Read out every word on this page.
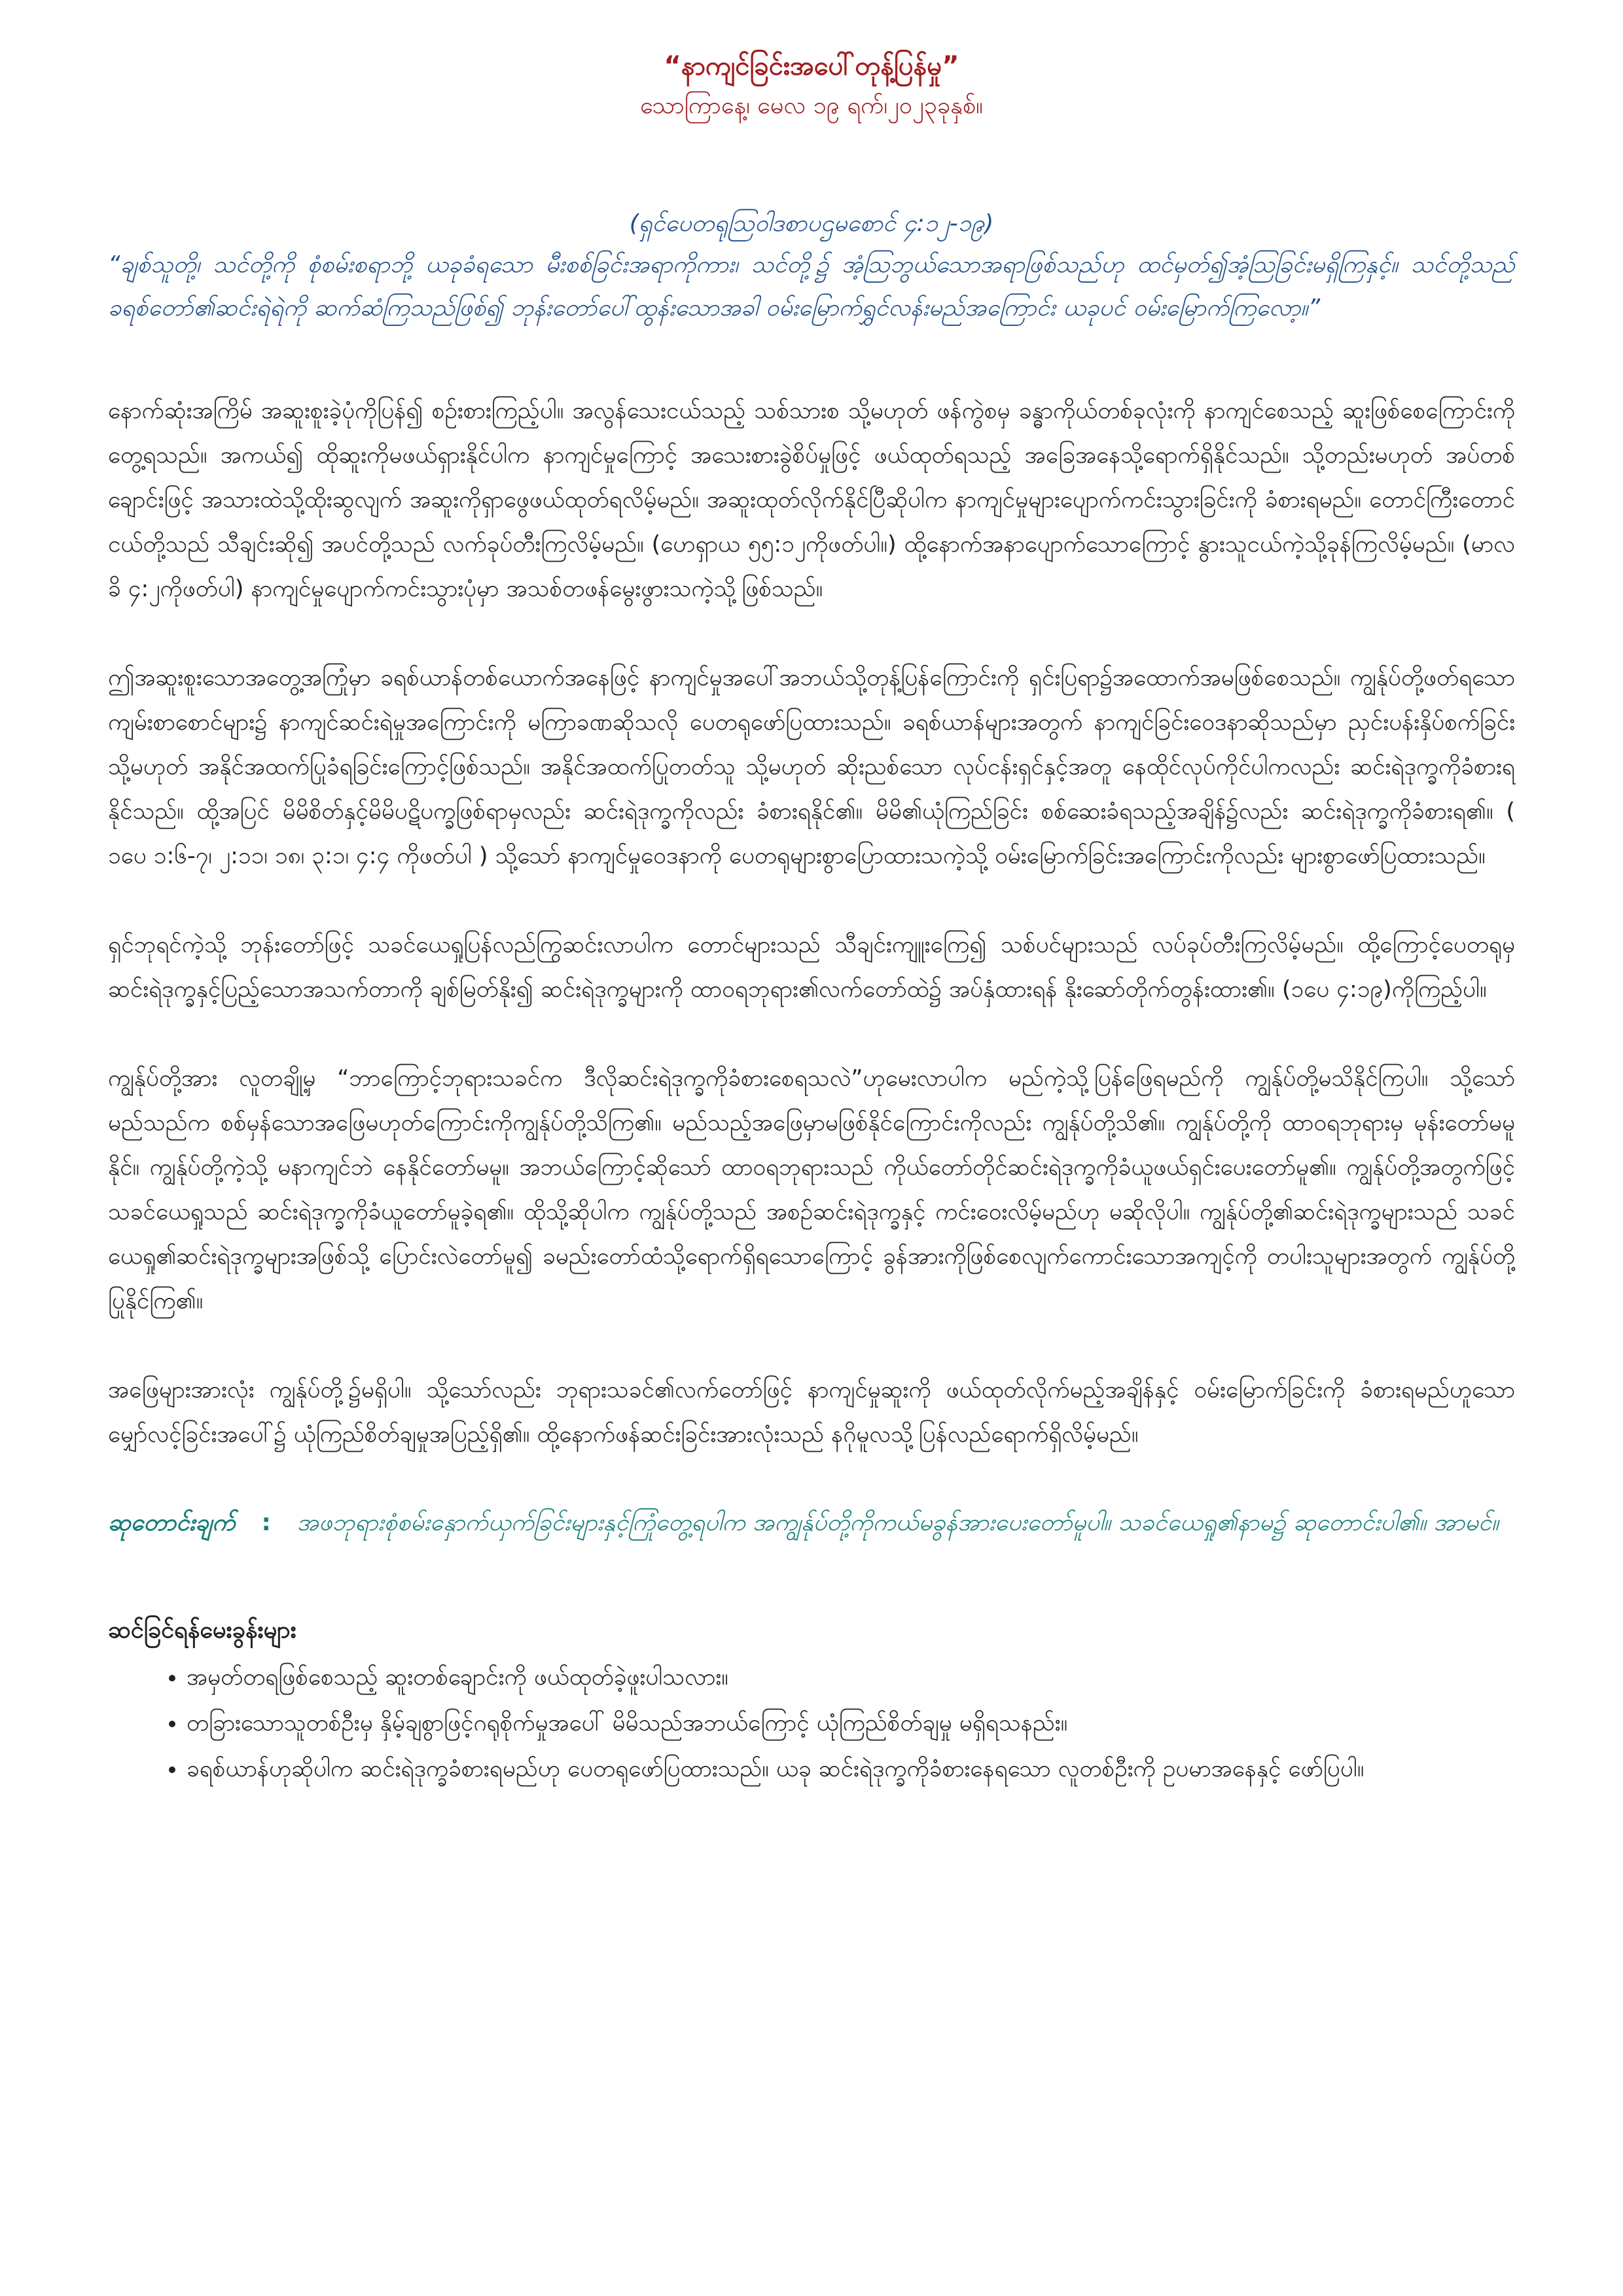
“နာကျင်ခြင်းအပေါ်တုန့်ပြန်မှု”
သောကြာနေ့၊ မေလ ၁၉ ရက်၊၂၀၂၃ခုနှစ်။
(ရှင်ပေတရုဩဝါဒစာပဌမစောင် ၄:၁၂-၁၉)

“ချစ်သူတို့၊ သင်တို့ကို စုံစမ်းစရာဘို့ ယခုခံရသော မီးစစ်ခြင်းအရာကိုကား၊ သင်တို့၌ အံ့ဩဘွယ်သောအရာဖြစ်သည်ဟု ထင်မှတ်၍အံ့ဩခြင်းမရှိကြနှင့်။ သင်တို့သည် ခရစ်တော်၏ဆင်းရဲရဲကို ဆက်ဆံကြသည်ဖြစ်၍ ဘုန်းတော်ပေါ်ထွန်းသောအခါ ဝမ်းမြောက်ရွှင်လန်းမည်အကြောင်း ယခုပင် ဝမ်းမြောက်ကြလော့။”

နောက်ဆုံးအကြိမ် အဆူးစူးခဲ့ပုံကိုပြန်၍ စဉ်းစားကြည့်ပါ။ အလွန်သေးငယ်သည့် သစ်သားစ သို့မဟုတ် ဖန်ကွဲစမှ ခန္ဓာကိုယ်တစ်ခုလုံးကို နာကျင်စေသည့် ဆူးဖြစ်စေကြောင်းကိုတွေ့ရသည်။ အကယ်၍ ထိုဆူးကိုမဖယ်ရှားနိုင်ပါက နာကျင်မှုကြောင့် အသေးစားခွဲစိပ်မှုဖြင့် ဖယ်ထုတ်ရသည့် အခြေအနေသို့ရောက်ရှိနိုင်သည်။ သို့တည်းမဟုတ် အပ်တစ်ချောင်းဖြင့် အသားထဲသို့ထိုးဆွလျက် အဆူးကိုရှာဖွေဖယ်ထုတ်ရလိမ့်မည်။ အဆူးထုတ်လိုက်နိုင်ပြီဆိုပါက နာကျင်မှုများပျောက်ကင်းသွားခြင်းကို ခံစားရမည်။ တောင်ကြီးတောင်ငယ်တို့သည် သီချင်းဆို၍ အပင်တို့သည် လက်ခုပ်တီးကြလိမ့်မည်။ (ဟေရှာယ ၅၅:၁၂ကိုဖတ်ပါ။) ထို့နောက်အနာပျောက်သောကြောင့် နွားသူငယ်ကဲ့သို့ခုန်ကြလိမ့်မည်။ (မာလခိ ၄:၂ကိုဖတ်ပါ) နာကျင်မှုပျောက်ကင်းသွားပုံမှာ အသစ်တဖန်မွေးဖွားသကဲ့သို့ဖြစ်သည်။

ဤအဆူးစူးသောအတွေ့အကြုံမှာ ခရစ်ယာန်တစ်ယောက်အနေဖြင့် နာကျင်မှုအပေါ်အဘယ်သို့တုန့်ပြန်ကြောင်းကို ရှင်းပြရာ၌အထောက်အမဖြစ်စေသည်။ ကျွန်ုပ်တို့ဖတ်ရသော ကျမ်းစာစောင်များ၌ နာကျင်ဆင်းရဲမှုအကြောင်းကို မကြာခဏဆိုသလို ပေတရုဖော်ပြထားသည်။ ခရစ်ယာန်များအတွက် နာကျင်ခြင်းဝေဒနာဆိုသည်မှာ ညှင်းပန်းနှိပ်စက်ခြင်း သို့မဟုတ် အနိုင်အထက်ပြုခံရခြင်းကြောင့်ဖြစ်သည်။ အနိုင်အထက်ပြုတတ်သူ သို့မဟုတ် ဆိုးညစ်သော လုပ်ငန်းရှင်နှင့်အတူ နေထိုင်လုပ်ကိုင်ပါကလည်း ဆင်းရဲဒုက္ခကိုခံစားရနိုင်သည်။ ထို့အပြင် မိမိစိတ်နှင့်မိမိပဋိပက္ခဖြစ်ရာမှလည်း ဆင်းရဲဒုက္ခကိုလည်း ခံစားရနိုင်၏။ မိမိ၏ယုံကြည်ခြင်း စစ်ဆေးခံရသည့်အချိန်၌လည်း ဆင်းရဲဒုက္ခကိုခံစားရ၏။ ( ၁ပေ ၁:၆-၇၊ ၂:၁၁၊ ၁၈၊ ၃:၁၊ ၄:၄ ကိုဖတ်ပါ ) သို့သော် နာကျင်မှုဝေဒနာကို ပေတရုများစွာပြောထားသကဲ့သို့ ဝမ်းမြောက်ခြင်းအကြောင်းကိုလည်း များစွာဖော်ပြထားသည်။

ရှင်ဘုရင်ကဲ့သို့ ဘုန်းတော်ဖြင့် သခင်ယေရှုပြန်လည်ကြွဆင်းလာပါက တောင်များသည် သီချင်းကျူးကြေ၍ သစ်ပင်များသည် လပ်ခုပ်တီးကြလိမ့်မည်။ ထို့ကြောင့်ပေတရုမှ ဆင်းရဲဒုက္ခနှင့်ပြည့်သောအသက်တာကို ချစ်မြတ်နိုး၍ ဆင်းရဲဒုက္ခများကို ထာဝရဘုရား၏လက်တော်ထဲ၌ အပ်နှံထားရန် နိုးဆော်တိုက်တွန်းထား၏။ (၁ပေ ၄:၁၉)ကိုကြည့်ပါ။

ကျွန်ုပ်တို့အား လူတချို့မှ “ဘာကြောင့်ဘုရားသခင်က ဒီလိုဆင်းရဲဒုက္ခကိုခံစားစေရသလဲ”ဟုမေးလာပါက မည်ကဲ့သို့ပြန်ဖြေရမည်ကို ကျွန်ုပ်တို့မသိနိုင်ကြပါ။ သို့သော် မည်သည်က စစ်မှန်သောအဖြေမဟုတ်ကြောင်းကိုကျွန်ုပ်တို့သိကြ၏။ မည်သည့်အဖြေမှာမဖြစ်နိုင်ကြောင်းကိုလည်း ကျွန်ုပ်တို့သိ၏။ ကျွန်ုပ်တို့ကို ထာဝရဘုရားမှ မုန်းတော်မမူနိုင်။ ကျွန်ုပ်တို့ကဲ့သို့ မနာကျင်ဘဲ နေနိုင်တော်မမူ။ အဘယ်ကြောင့်ဆိုသော် ထာဝရဘုရားသည် ကိုယ်တော်တိုင်ဆင်းရဲဒုက္ခကိုခံယူဖယ်ရှင်းပေးတော်မူ၏။ ကျွန်ုပ်တို့အတွက်ဖြင့် သခင်ယေရှုသည် ဆင်းရဲဒုက္ခကိုခံယူတော်မူခဲ့ရ၏။ ထိုသို့ဆိုပါက ကျွန်ုပ်တို့သည် အစဉ်ဆင်းရဲဒုက္ခနှင့် ကင်းဝေးလိမ့်မည်ဟု မဆိုလိုပါ။ ကျွန်ုပ်တို့၏ဆင်းရဲဒုက္ခများသည် သခင်ယေရှု၏ဆင်းရဲဒုက္ခများအဖြစ်သို့ ပြောင်းလဲတော်မူ၍ ခမည်းတော်ထံသို့ရောက်ရှိရသောကြောင့် ခွန်အားကိုဖြစ်စေလျက်ကောင်းသောအကျင့်ကို တပါးသူများအတွက် ကျွန်ုပ်တို့ပြုနိုင်ကြ၏။

အဖြေများအားလုံး ကျွန်ုပ်တို့၌မရှိပါ။ သို့သော်လည်း ဘုရားသခင်၏လက်တော်ဖြင့် နာကျင်မှုဆူးကို ဖယ်ထုတ်လိုက်မည့်အချိန်နှင့် ဝမ်းမြောက်ခြင်းကို ခံစားရမည်ဟူသော မျှော်လင့်ခြင်းအပေါ်၌ ယုံကြည်စိတ်ချမှုအပြည့်ရှိ၏။ ထို့နောက်ဖန်ဆင်းခြင်းအားလုံးသည် နဂိုမူလသို့ပြန်လည်ရောက်ရှိလိမ့်မည်။

ဆုတောင်းချက် : အဖဘုရားစုံစမ်းနှောက်ယှက်ခြင်းများနှင့်ကြုံတွေ့ရပါက အကျွန်ုပ်တို့ကိုကယ်မခွန်အားပေးတော်မူပါ။ သခင်ယေရှု၏နာမ၌ ဆုတောင်းပါ၏။ အာမင်။

ဆင်ခြင်ရန်မေးခွန်းများ
• အမှတ်တရဖြစ်စေသည့် ဆူးတစ်ချောင်းကို ဖယ်ထုတ်ခဲ့ဖူးပါသလား။
• တခြားသောသူတစ်ဦးမှ နှိမ့်ချစွာဖြင့်ဂရုစိုက်မှုအပေါ် မိမိသည်အဘယ်ကြောင့် ယုံကြည်စိတ်ချမှု မရှိရသနည်း။
• ခရစ်ယာန်ဟုဆိုပါက ဆင်းရဲဒုက္ခခံစားရမည်ဟု ပေတရုဖော်ပြထားသည်။ ယခု ဆင်းရဲဒုက္ခကိုခံစားနေရသော လူတစ်ဦးကို ဥပမာအနေနှင့် ဖော်ပြပါ။
